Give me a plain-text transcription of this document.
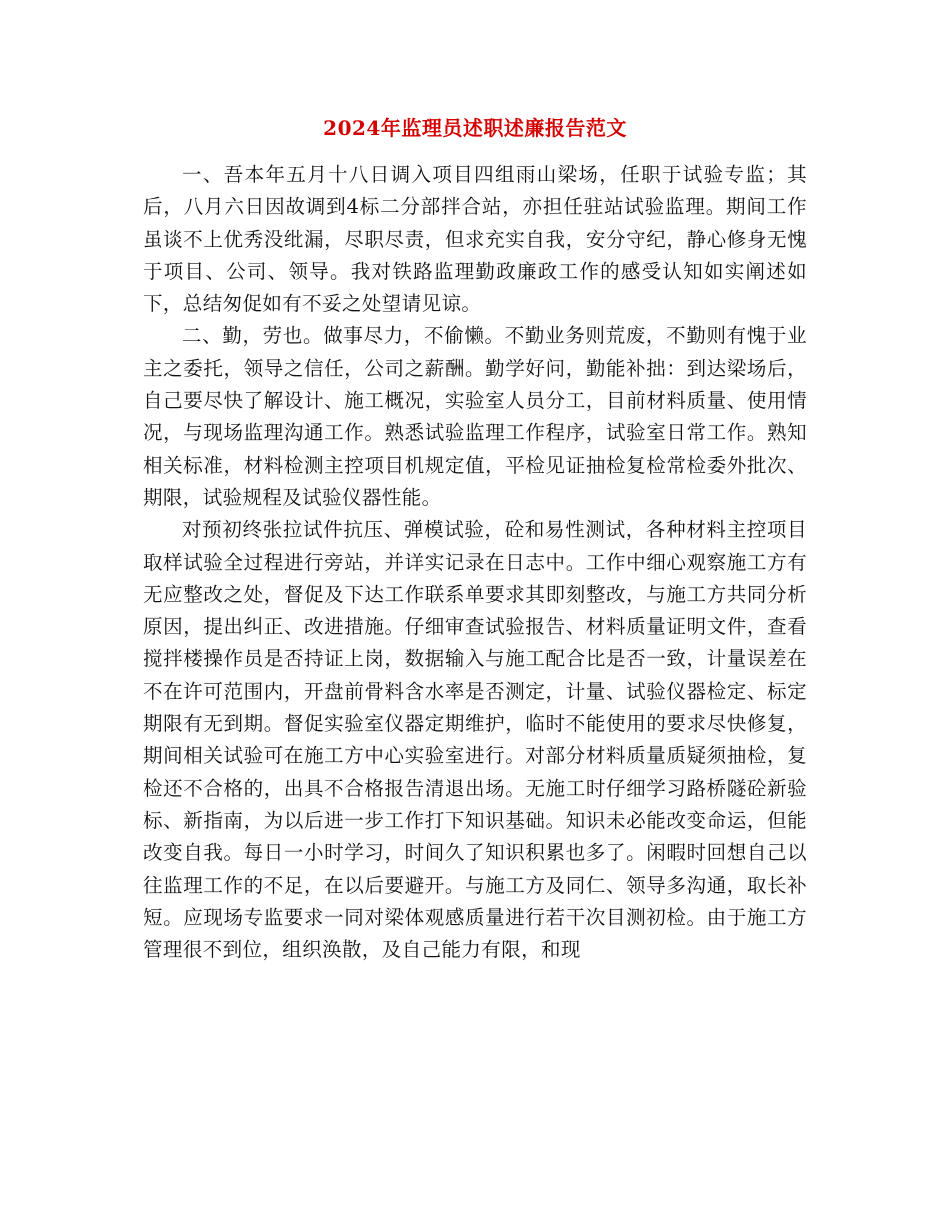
2024年监理员述职述廉报告范文

一、吾本年五月十八日调入项目四组雨山梁场，任职于试验专监；其后，八月六日因故调到4标二分部拌合站，亦担任驻站试验监理。期间工作虽谈不上优秀没纰漏，尽职尽责，但求充实自我，安分守纪，静心修身无愧于项目、公司、领导。我对铁路监理勤政廉政工作的感受认知如实阐述如下，总结匆促如有不妥之处望请见谅。

二、勤，劳也。做事尽力，不偷懒。不勤业务则荒废，不勤则有愧于业主之委托，领导之信任，公司之薪酬。勤学好问，勤能补拙：到达梁场后，自己要尽快了解设计、施工概况，实验室人员分工，目前材料质量、使用情况，与现场监理沟通工作。熟悉试验监理工作程序，试验室日常工作。熟知相关标准，材料检测主控项目机规定值，平检见证抽检复检常检委外批次、期限，试验规程及试验仪器性能。

对预初终张拉试件抗压、弹模试验，砼和易性测试，各种材料主控项目取样试验全过程进行旁站，并详实记录在日志中。工作中细心观察施工方有无应整改之处，督促及下达工作联系单要求其即刻整改，与施工方共同分析原因，提出纠正、改进措施。仔细审查试验报告、材料质量证明文件，查看搅拌楼操作员是否持证上岗，数据输入与施工配合比是否一致，计量误差在不在许可范围内，开盘前骨料含水率是否测定，计量、试验仪器检定、标定期限有无到期。督促实验室仪器定期维护，临时不能使用的要求尽快修复，期间相关试验可在施工方中心实验室进行。对部分材料质量质疑须抽检，复检还不合格的，出具不合格报告清退出场。无施工时仔细学习路桥隧砼新验标、新指南，为以后进一步工作打下知识基础。知识未必能改变命运，但能改变自我。每日一小时学习，时间久了知识积累也多了。闲暇时回想自己以往监理工作的不足，在以后要避开。与施工方及同仁、领导多沟通，取长补短。应现场专监要求一同对梁体观感质量进行若干次目测初检。由于施工方管理很不到位，组织涣散，及自己能力有限，和现
